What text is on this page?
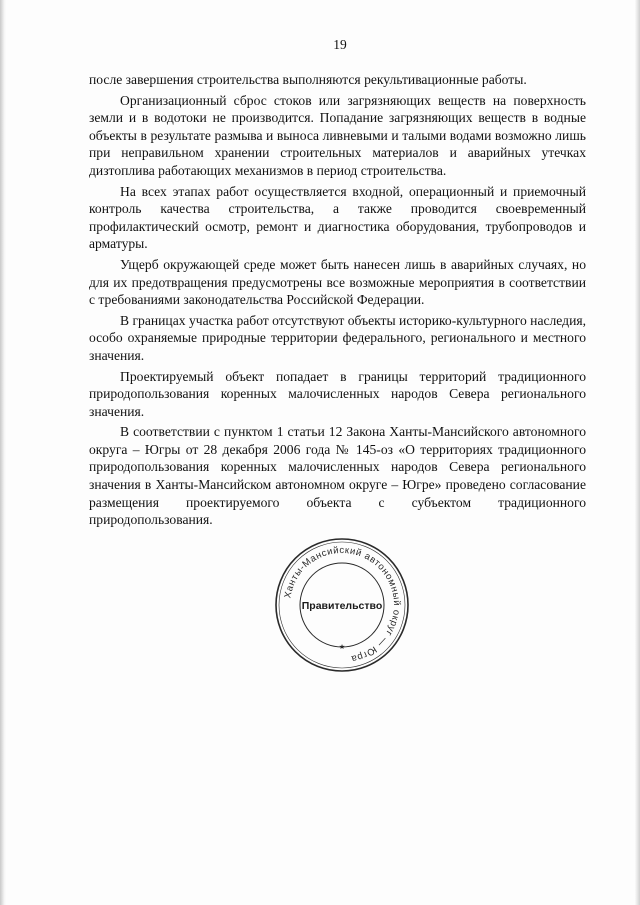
19

после завершения строительства выполняются рекультивационные работы.

Организационный сброс стоков или загрязняющих веществ на поверхность земли и в водотоки не производится. Попадание загрязняющих веществ в водные объекты в результате размыва и выноса ливневыми и талыми водами возможно лишь при неправильном хранении строительных материалов и аварийных утечках дизтоплива работающих механизмов в период строительства.

На всех этапах работ осуществляется входной, операционный и приемочный контроль качества строительства, а также проводится своевременный профилактический осмотр, ремонт и диагностика оборудования, трубопроводов и арматуры.

Ущерб окружающей среде может быть нанесен лишь в аварийных случаях, но для их предотвращения предусмотрены все возможные мероприятия в соответствии с требованиями законодательства Российской Федерации.

В границах участка работ отсутствуют объекты историко-культурного наследия, особо охраняемые природные территории федерального, регионального и местного значения.

Проектируемый объект попадает в границы территорий традиционного природопользования коренных малочисленных народов Севера регионального значения.

В соответствии с пунктом 1 статьи 12 Закона Ханты-Мансийского автономного округа – Югры от 28 декабря 2006 года № 145-оз «О территориях традиционного природопользования коренных малочисленных народов Севера регионального значения в Ханты-Мансийском автономном округе – Югре» проведено согласование размещения проектируемого объекта с субъектом традиционного природопользования.

Ханты-Мансийский автономный округ — Югра
Правительство
★
